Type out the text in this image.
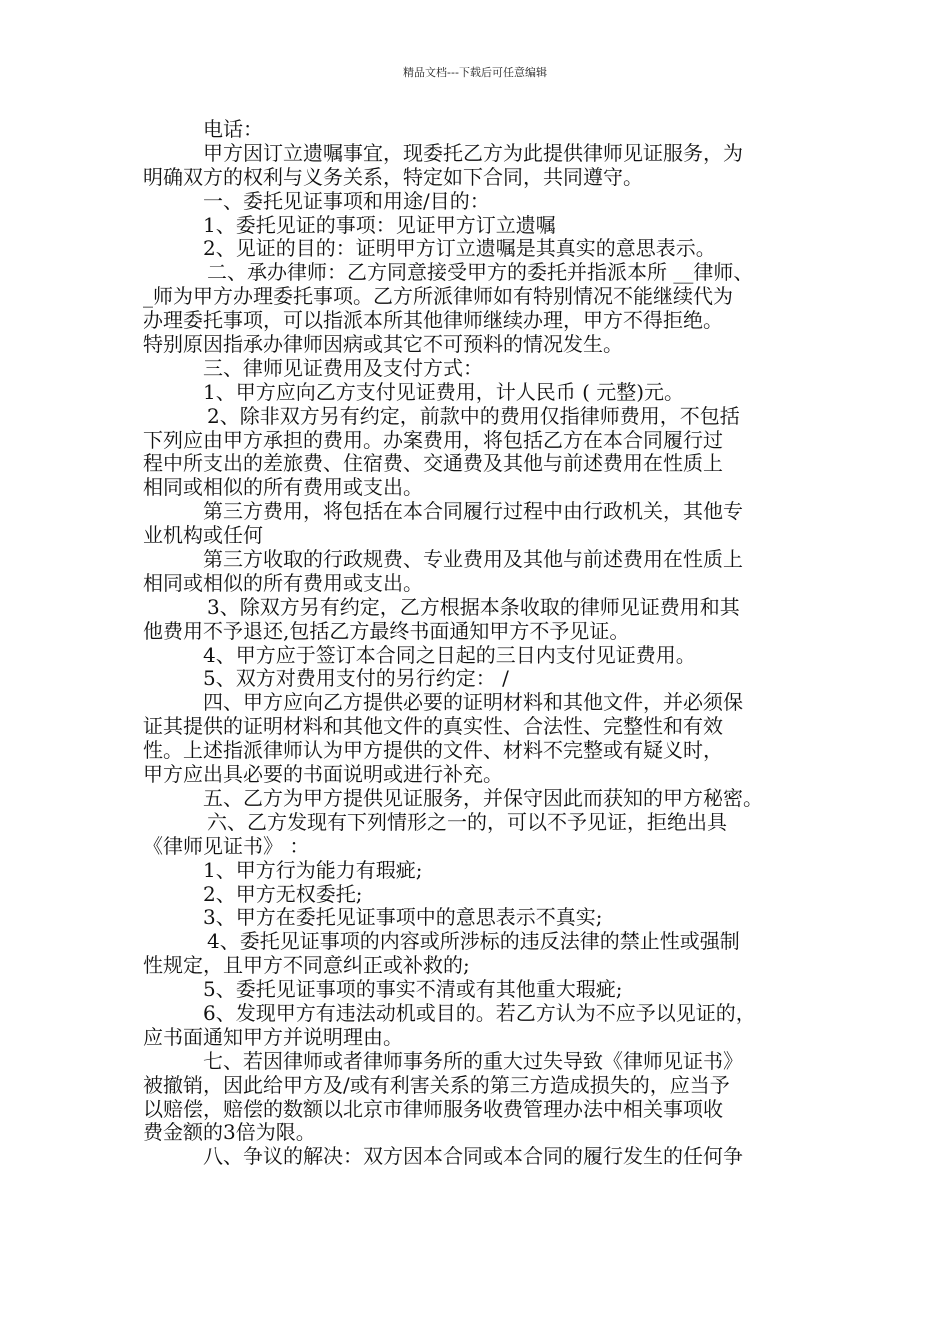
精品文档---下载后可任意编辑
电话：
甲方因订立遗嘱事宜，现委托乙方为此提供律师见证服务，为
明确双方的权利与义务关系，特定如下合同，共同遵守。
一、委托见证事项和用途/目的：
1、委托见证的事项：见证甲方订立遗嘱
2、见证的目的：证明甲方订立遗嘱是其真实的意思表示。
二、承办律师：乙方同意接受甲方的委托并指派本所 __律师、
_师为甲方办理委托事项。乙方所派律师如有特别情况不能继续代为
办理委托事项，可以指派本所其他律师继续办理，甲方不得拒绝。
特别原因指承办律师因病或其它不可预料的情况发生。
三、律师见证费用及支付方式：
1、甲方应向乙方支付见证费用，计人民币 ( 元整)元。
2、除非双方另有约定，前款中的费用仅指律师费用，不包括
下列应由甲方承担的费用。办案费用，将包括乙方在本合同履行过
程中所支出的差旅费、住宿费、交通费及其他与前述费用在性质上
相同或相似的所有费用或支出。
第三方费用，将包括在本合同履行过程中由行政机关，其他专
业机构或任何
第三方收取的行政规费、专业费用及其他与前述费用在性质上
相同或相似的所有费用或支出。
3、除双方另有约定，乙方根据本条收取的律师见证费用和其
他费用不予退还,包括乙方最终书面通知甲方不予见证。
4、甲方应于签订本合同之日起的三日内支付见证费用。
5、双方对费用支付的另行约定： /
四、甲方应向乙方提供必要的证明材料和其他文件，并必须保
证其提供的证明材料和其他文件的真实性、合法性、完整性和有效
性。上述指派律师认为甲方提供的文件、材料不完整或有疑义时，
甲方应出具必要的书面说明或进行补充。
五、乙方为甲方提供见证服务，并保守因此而获知的甲方秘密。
六、乙方发现有下列情形之一的，可以不予见证，拒绝出具
《律师见证书》 ：
1、甲方行为能力有瑕疵;
2、甲方无权委托;
3、甲方在委托见证事项中的意思表示不真实;
4、委托见证事项的内容或所涉标的违反法律的禁止性或强制
性规定，且甲方不同意纠正或补救的;
5、委托见证事项的事实不清或有其他重大瑕疵;
6、发现甲方有违法动机或目的。若乙方认为不应予以见证的，
应书面通知甲方并说明理由。
七、若因律师或者律师事务所的重大过失导致《律师见证书》
被撤销，因此给甲方及/或有利害关系的第三方造成损失的，应当予
以赔偿，赔偿的数额以北京市律师服务收费管理办法中相关事项收
费金额的3倍为限。
八、争议的解决：双方因本合同或本合同的履行发生的任何争
